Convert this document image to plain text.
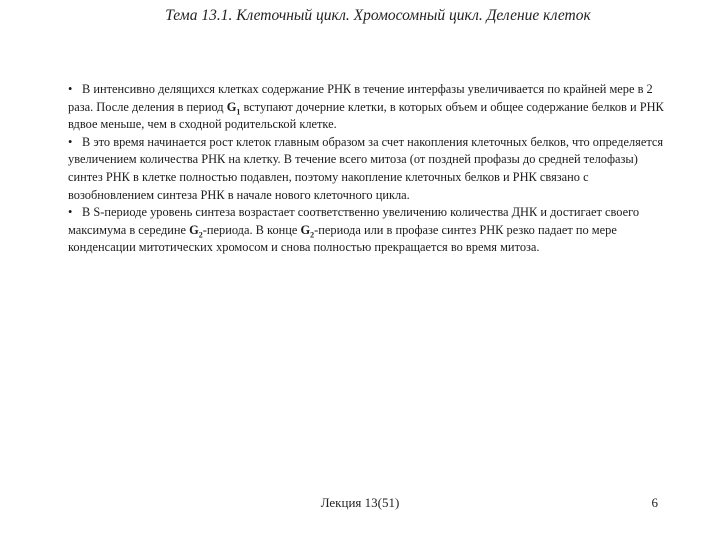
Тема 13.1. Клеточный цикл. Хромосомный цикл. Деление клеток

• В интенсивно делящихся клетках содержание РНК в течение интерфазы увеличивается по крайней мере в 2 раза. После деления в период $G_1$ вступают дочерние клетки, в которых объем и общее содержание белков и РНК вдвое меньше, чем в сходной родительской клетке.

• В это время начинается рост клеток главным образом за счет накопления клеточных белков, что определяется увеличением количества РНК на клетку. В течение всего митоза (от поздней профазы до средней телофазы) синтез РНК в клетке полностью подавлен, поэтому накопление клеточных белков и РНК связано с возобновлением синтеза РНК в начале нового клеточного цикла.

• В S-периоде уровень синтеза возрастает соответственно увеличению количества ДНК и достигает своего максимума в середине $G_2$-периода. В конце $G_2$-периода или в профазе синтез РНК резко падает по мере конденсации митотических хромосом и снова полностью прекращается во время митоза.

Лекция 13(51)	6
